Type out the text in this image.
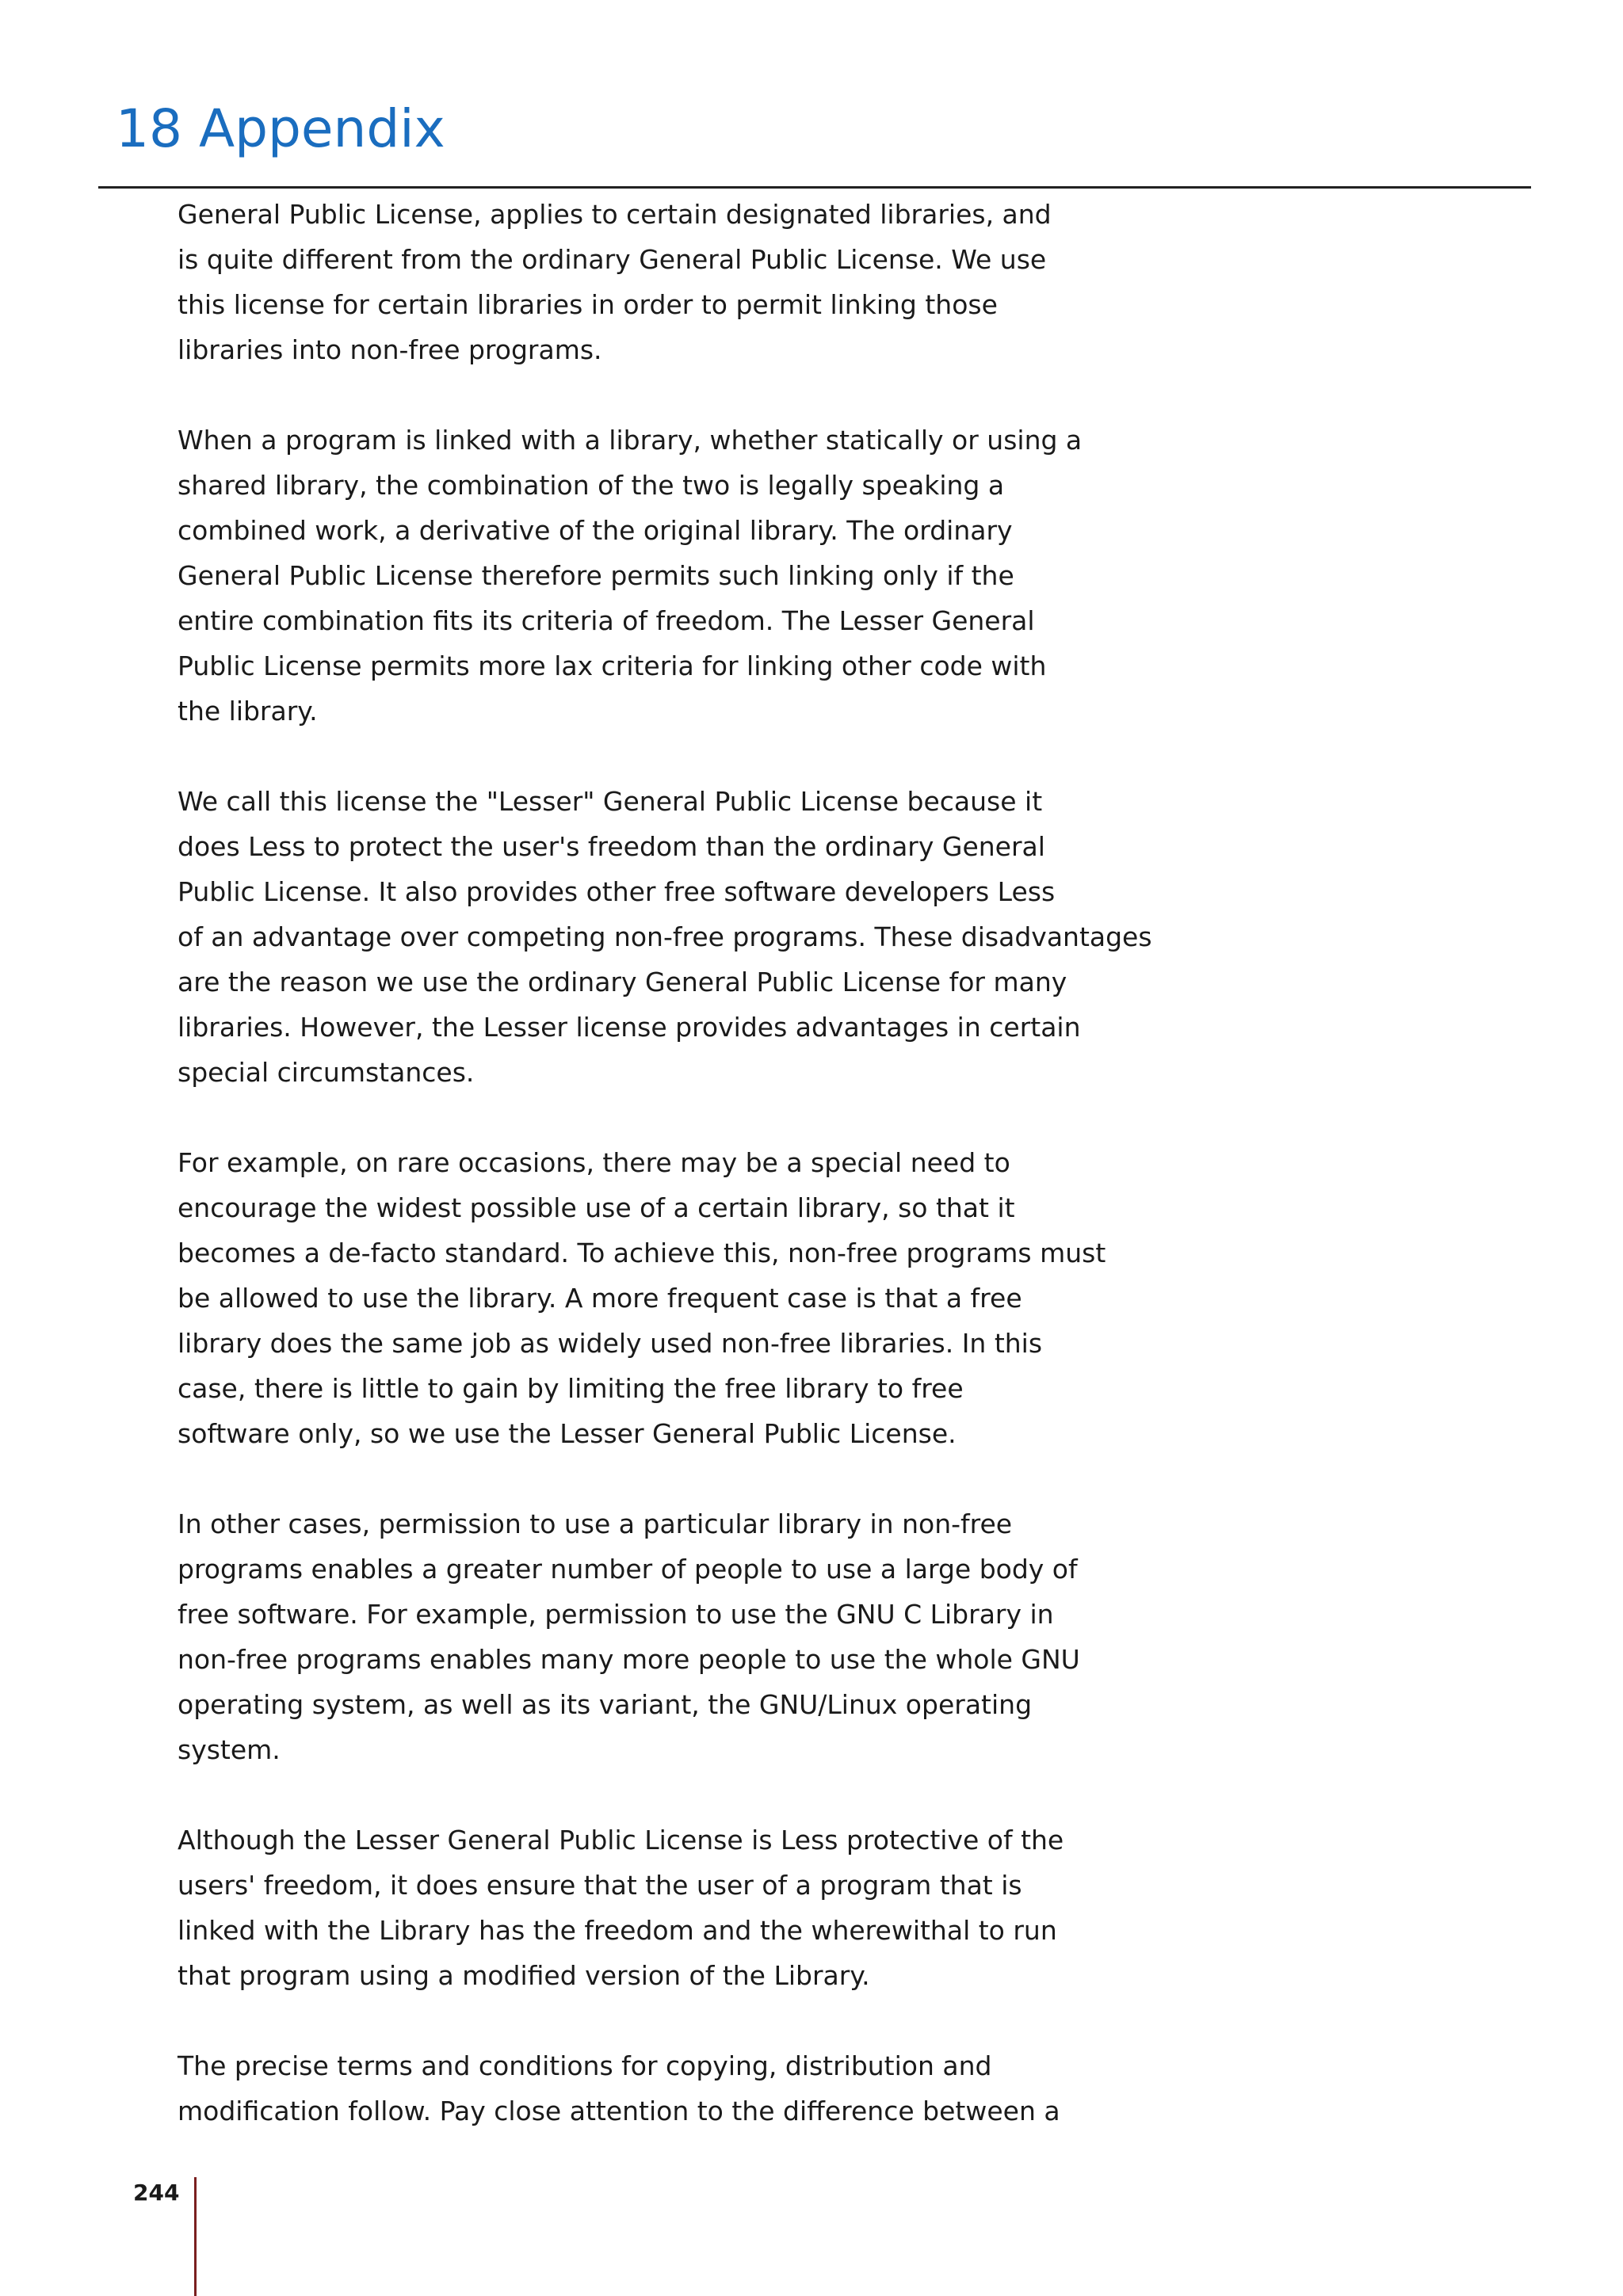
18 Appendix
General Public License, applies to certain designated libraries, and
is quite different from the ordinary General Public License. We use
this license for certain libraries in order to permit linking those
libraries into non-free programs.
When a program is linked with a library, whether statically or using a
shared library, the combination of the two is legally speaking a
combined work, a derivative of the original library. The ordinary
General Public License therefore permits such linking only if the
entire combination fits its criteria of freedom. The Lesser General
Public License permits more lax criteria for linking other code with
the library.
We call this license the "Lesser" General Public License because it
does Less to protect the user's freedom than the ordinary General
Public License. It also provides other free software developers Less
of an advantage over competing non-free programs. These disadvantages
are the reason we use the ordinary General Public License for many
libraries. However, the Lesser license provides advantages in certain
special circumstances.
For example, on rare occasions, there may be a special need to
encourage the widest possible use of a certain library, so that it
becomes a de-facto standard. To achieve this, non-free programs must
be allowed to use the library. A more frequent case is that a free
library does the same job as widely used non-free libraries. In this
case, there is little to gain by limiting the free library to free
software only, so we use the Lesser General Public License.
In other cases, permission to use a particular library in non-free
programs enables a greater number of people to use a large body of
free software. For example, permission to use the GNU C Library in
non-free programs enables many more people to use the whole GNU
operating system, as well as its variant, the GNU/Linux operating
system.
Although the Lesser General Public License is Less protective of the
users' freedom, it does ensure that the user of a program that is
linked with the Library has the freedom and the wherewithal to run
that program using a modified version of the Library.
The precise terms and conditions for copying, distribution and
modification follow. Pay close attention to the difference between a
244
